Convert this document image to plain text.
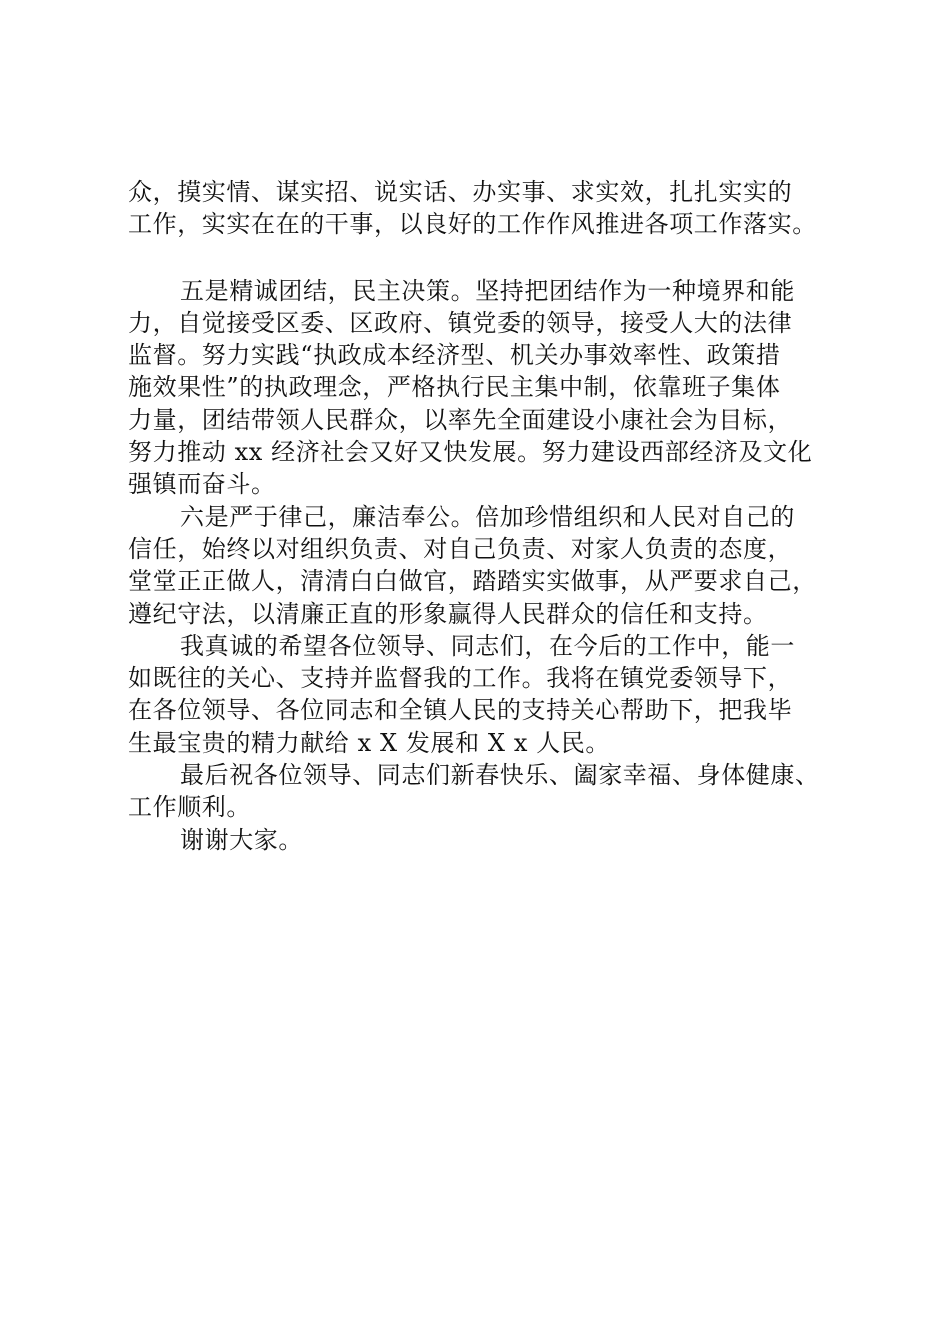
众，摸实情、谋实招、说实话、办实事、求实效，扎扎实实的
工作，实实在在的干事，以良好的工作作风推进各项工作落实。

五是精诚团结，民主决策。坚持把团结作为一种境界和能
力，自觉接受区委、区政府、镇党委的领导，接受人大的法律
监督。努力实践“执政成本经济型、机关办事效率性、政策措
施效果性”的执政理念，严格执行民主集中制，依靠班子集体
力量，团结带领人民群众，以率先全面建设小康社会为目标，
努力推动 xx 经济社会又好又快发展。努力建设西部经济及文化
强镇而奋斗。

六是严于律己，廉洁奉公。倍加珍惜组织和人民对自己的
信任，始终以对组织负责、对自己负责、对家人负责的态度，
堂堂正正做人，清清白白做官，踏踏实实做事，从严要求自己，
遵纪守法，以清廉正直的形象赢得人民群众的信任和支持。

我真诚的希望各位领导、同志们，在今后的工作中，能一
如既往的关心、支持并监督我的工作。我将在镇党委领导下，
在各位领导、各位同志和全镇人民的支持关心帮助下，把我毕
生最宝贵的精力献给 x X 发展和 X x 人民。

最后祝各位领导、同志们新春快乐、阖家幸福、身体健康、
工作顺利。

谢谢大家。
